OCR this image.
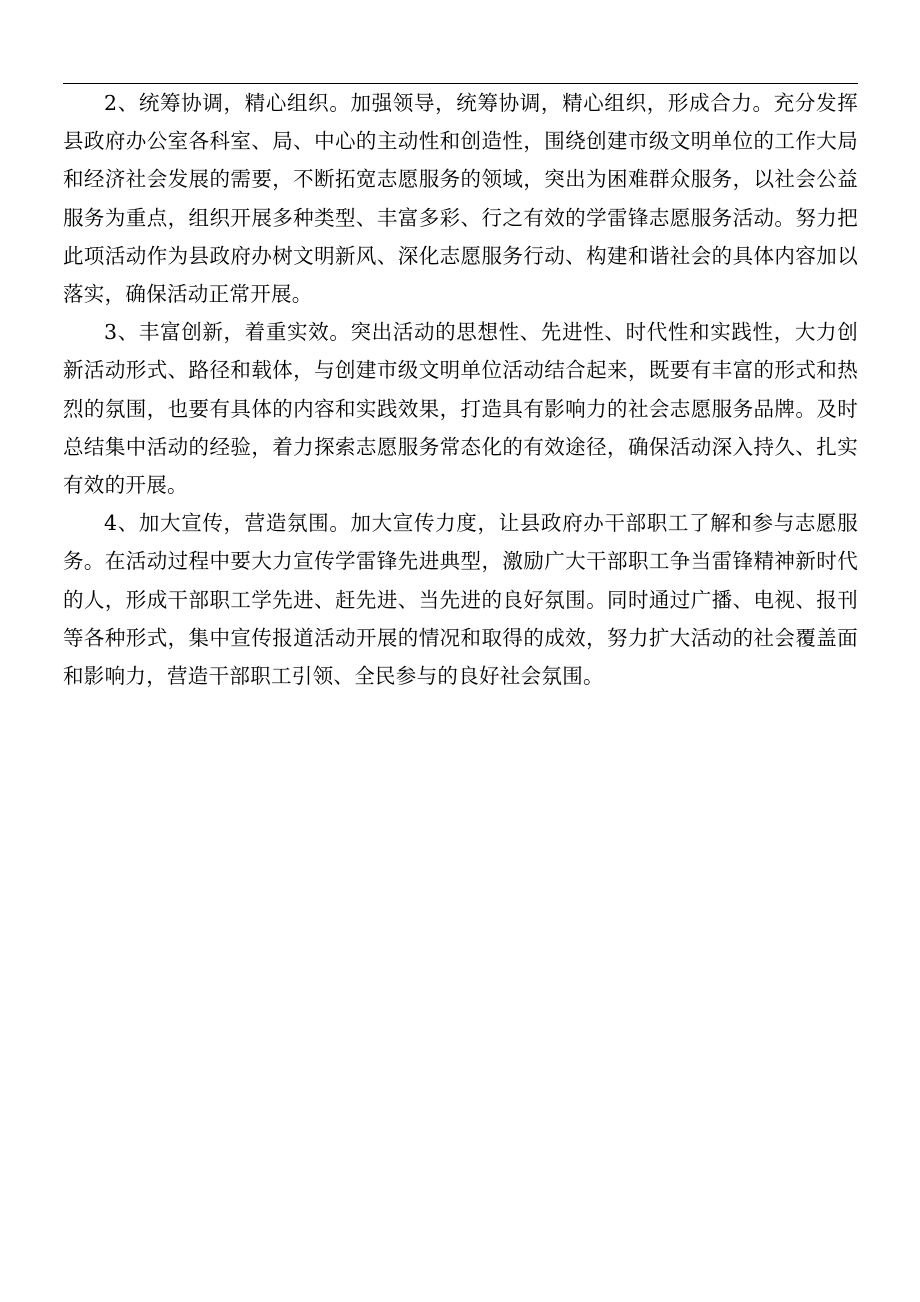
2、统筹协调，精心组织。加强领导，统筹协调，精心组织，形成合力。充分发挥县政府办公室各科室、局、中心的主动性和创造性，围绕创建市级文明单位的工作大局和经济社会发展的需要，不断拓宽志愿服务的领域，突出为困难群众服务，以社会公益服务为重点，组织开展多种类型、丰富多彩、行之有效的学雷锋志愿服务活动。努力把此项活动作为县政府办树文明新风、深化志愿服务行动、构建和谐社会的具体内容加以落实，确保活动正常开展。

3、丰富创新，着重实效。突出活动的思想性、先进性、时代性和实践性，大力创新活动形式、路径和载体，与创建市级文明单位活动结合起来，既要有丰富的形式和热烈的氛围，也要有具体的内容和实践效果，打造具有影响力的社会志愿服务品牌。及时总结集中活动的经验，着力探索志愿服务常态化的有效途径，确保活动深入持久、扎实有效的开展。

4、加大宣传，营造氛围。加大宣传力度，让县政府办干部职工了解和参与志愿服务。在活动过程中要大力宣传学雷锋先进典型，激励广大干部职工争当雷锋精神新时代的人，形成干部职工学先进、赶先进、当先进的良好氛围。同时通过广播、电视、报刊等各种形式，集中宣传报道活动开展的情况和取得的成效，努力扩大活动的社会覆盖面和影响力，营造干部职工引领、全民参与的良好社会氛围。
